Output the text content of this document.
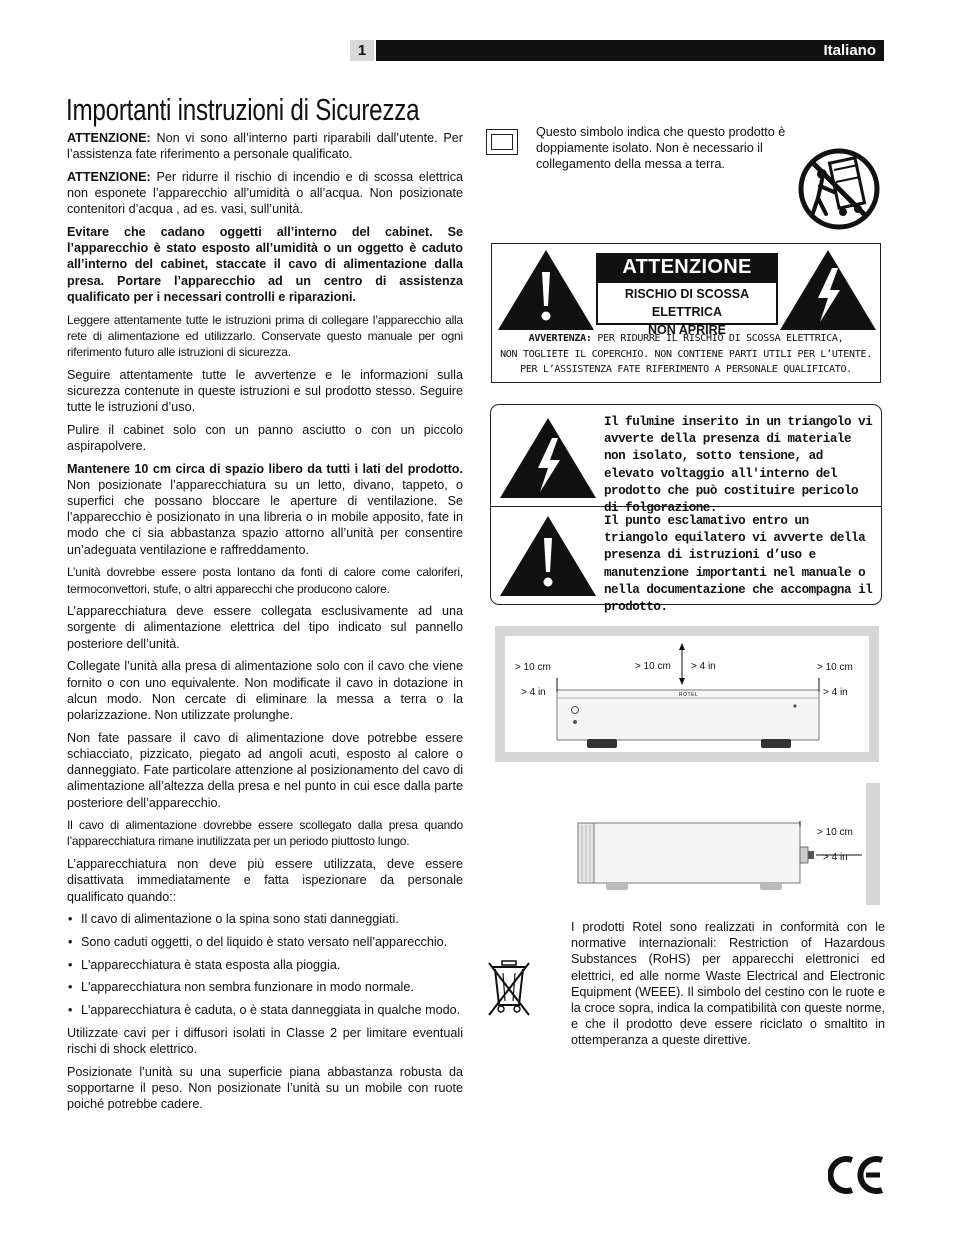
1	Italiano
Importanti instruzioni di Sicurezza

ATTENZIONE: Non vi sono all’interno parti riparabili dall’utente. Per l’assistenza fate riferimento a personale qualificato.

ATTENZIONE: Per ridurre il rischio di incendio e di scossa elettrica non esponete l’apparecchio all’umidità o all’acqua. Non posizionate contenitori d’acqua , ad es. vasi, sull’unità.

Evitare che cadano oggetti all’interno del cabinet. Se l’apparecchio è stato esposto all’umidità o un oggetto è caduto all’interno del cabinet, staccate il cavo di alimentazione dalla presa. Portare l’apparecchio ad un centro di assistenza qualificato per i necessari controlli e riparazioni.

Leggere attentamente tutte le istruzioni prima di collegare l’apparecchio alla rete di alimentazione ed utilizzarlo. Conservate questo manuale per ogni riferimento futuro alle istruzioni di sicurezza.

Seguire attentamente tutte le avvertenze e le informazioni sulla sicurezza contenute in queste istruzioni e sul prodotto stesso. Seguire tutte le istruzioni d’uso.

Pulire il cabinet solo con un panno asciutto o con un piccolo aspirapolvere.

Mantenere 10 cm circa di spazio libero da tutti i lati del prodotto. Non posizionate l’apparecchiatura su un letto, divano, tappeto, o superfici che possano bloccare le aperture di ventilazione. Se l’apparecchio è posizionato in una libreria o in mobile apposito, fate in modo che ci sia abbastanza spazio attorno all’unità per consentire un’adeguata ventilazione e raffreddamento.

L’unità dovrebbe essere posta lontano da fonti di calore come caloriferi, termoconvettori, stufe, o altri apparecchi che producono calore.

L’apparecchiatura deve essere collegata esclusivamente ad una sorgente di alimentazione elettrica del tipo indicato sul pannello posteriore dell’unità.

Collegate l’unità alla presa di alimentazione solo con il cavo che viene fornito o con uno equivalente. Non modificate il cavo in dotazione in alcun modo. Non cercate di eliminare la messa a terra o la polarizzazione. Non utilizzate prolunghe.

Non fate passare il cavo di alimentazione dove potrebbe essere schiacciato, pizzicato, piegato ad angoli acuti, esposto al calore o danneggiato. Fate particolare attenzione al posizionamento del cavo di alimentazione all’altezza della presa e nel punto in cui esce dalla parte posteriore dell’apparecchio.

Il cavo di alimentazione dovrebbe essere scollegato dalla presa quando l’apparecchiatura rimane inutilizzata per un periodo piuttosto lungo.

L’apparecchiatura non deve più essere utilizzata, deve essere disattivata immediatamente e fatta ispezionare da personale qualificato quando::

• Il cavo di alimentazione o la spina sono stati danneggiati.
• Sono caduti oggetti, o del liquido è stato versato nell’apparecchio.
• L'apparecchiatura è stata esposta alla pioggia.
• L'apparecchiatura non sembra funzionare in modo normale.
• L'apparecchiatura è caduta, o è stata danneggiata in qualche modo.

Utilizzate cavi per i diffusori isolati in Classe 2 per limitare eventuali rischi di shock elettrico.

Posizionate l’unità su una superficie piana abbastanza robusta da sopportarne il peso. Non posizionate l’unità su un mobile con ruote poiché potrebbe cadere.

Questo simbolo indica che questo prodotto è doppiamente isolato. Non è necessario il collegamento della messa a terra.
ATTENZIONE
RISCHIO DI SCOSSA ELETTRICA
NON APRIRE
AVVERTENZA: PER RIDURRE IL RISCHIO DI SCOSSA ELETTRICA,
NON TOGLIETE IL COPERCHIO. NON CONTIENE PARTI UTILI PER L’UTENTE.
PER L’ASSISTENZA FATE RIFERIMENTO A PERSONALE QUALIFICATO.
Il fulmine inserito in un triangolo vi avverte della presenza di materiale non isolato, sotto tensione, ad elevato voltaggio all'interno del prodotto che può costituire pericolo di folgorazione.
Il punto esclamativo entro un triangolo equilatero vi avverte della presenza di istruzioni d’uso e manutenzione importanti nel manuale o nella documentazione che accompagna il prodotto.
> 10 cm
> 4 in
> 10 cm > 4 in	> 10 cm
> 4 in
ROTEL
> 10 cm
> 4 in
I prodotti Rotel sono realizzati in conformità con le normative internazionali: Restriction of Hazardous Substances (RoHS) per apparecchi elettronici ed elettrici, ed alle norme Waste Electrical and Electronic Equipment (WEEE). Il simbolo del cestino con le ruote e la croce sopra, indica la compatibilità con queste norme, e che il prodotto deve essere riciclato o smaltito in ottemperanza a queste direttive.
